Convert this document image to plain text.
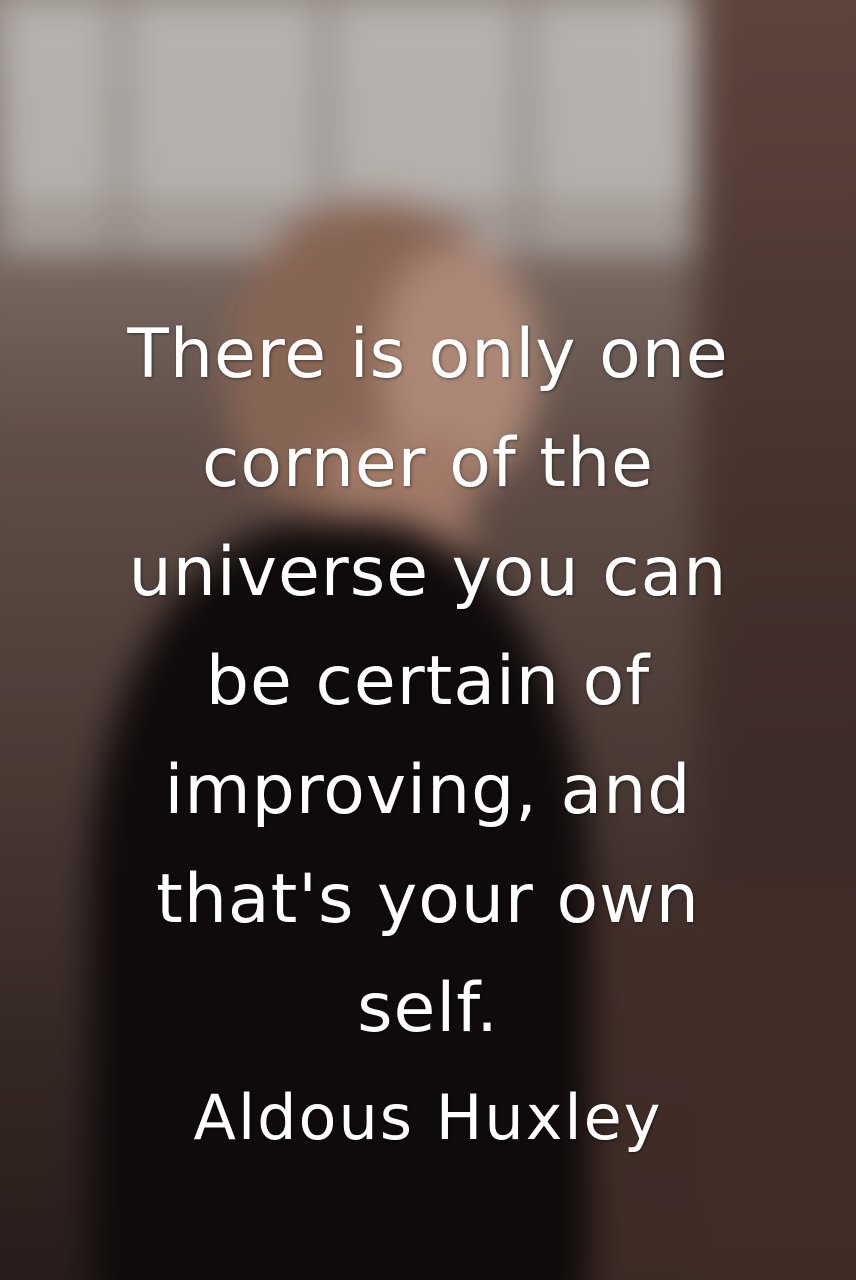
There is only one
corner of the
universe you can
be certain of
improving, and
that's your own
self.
Aldous Huxley
